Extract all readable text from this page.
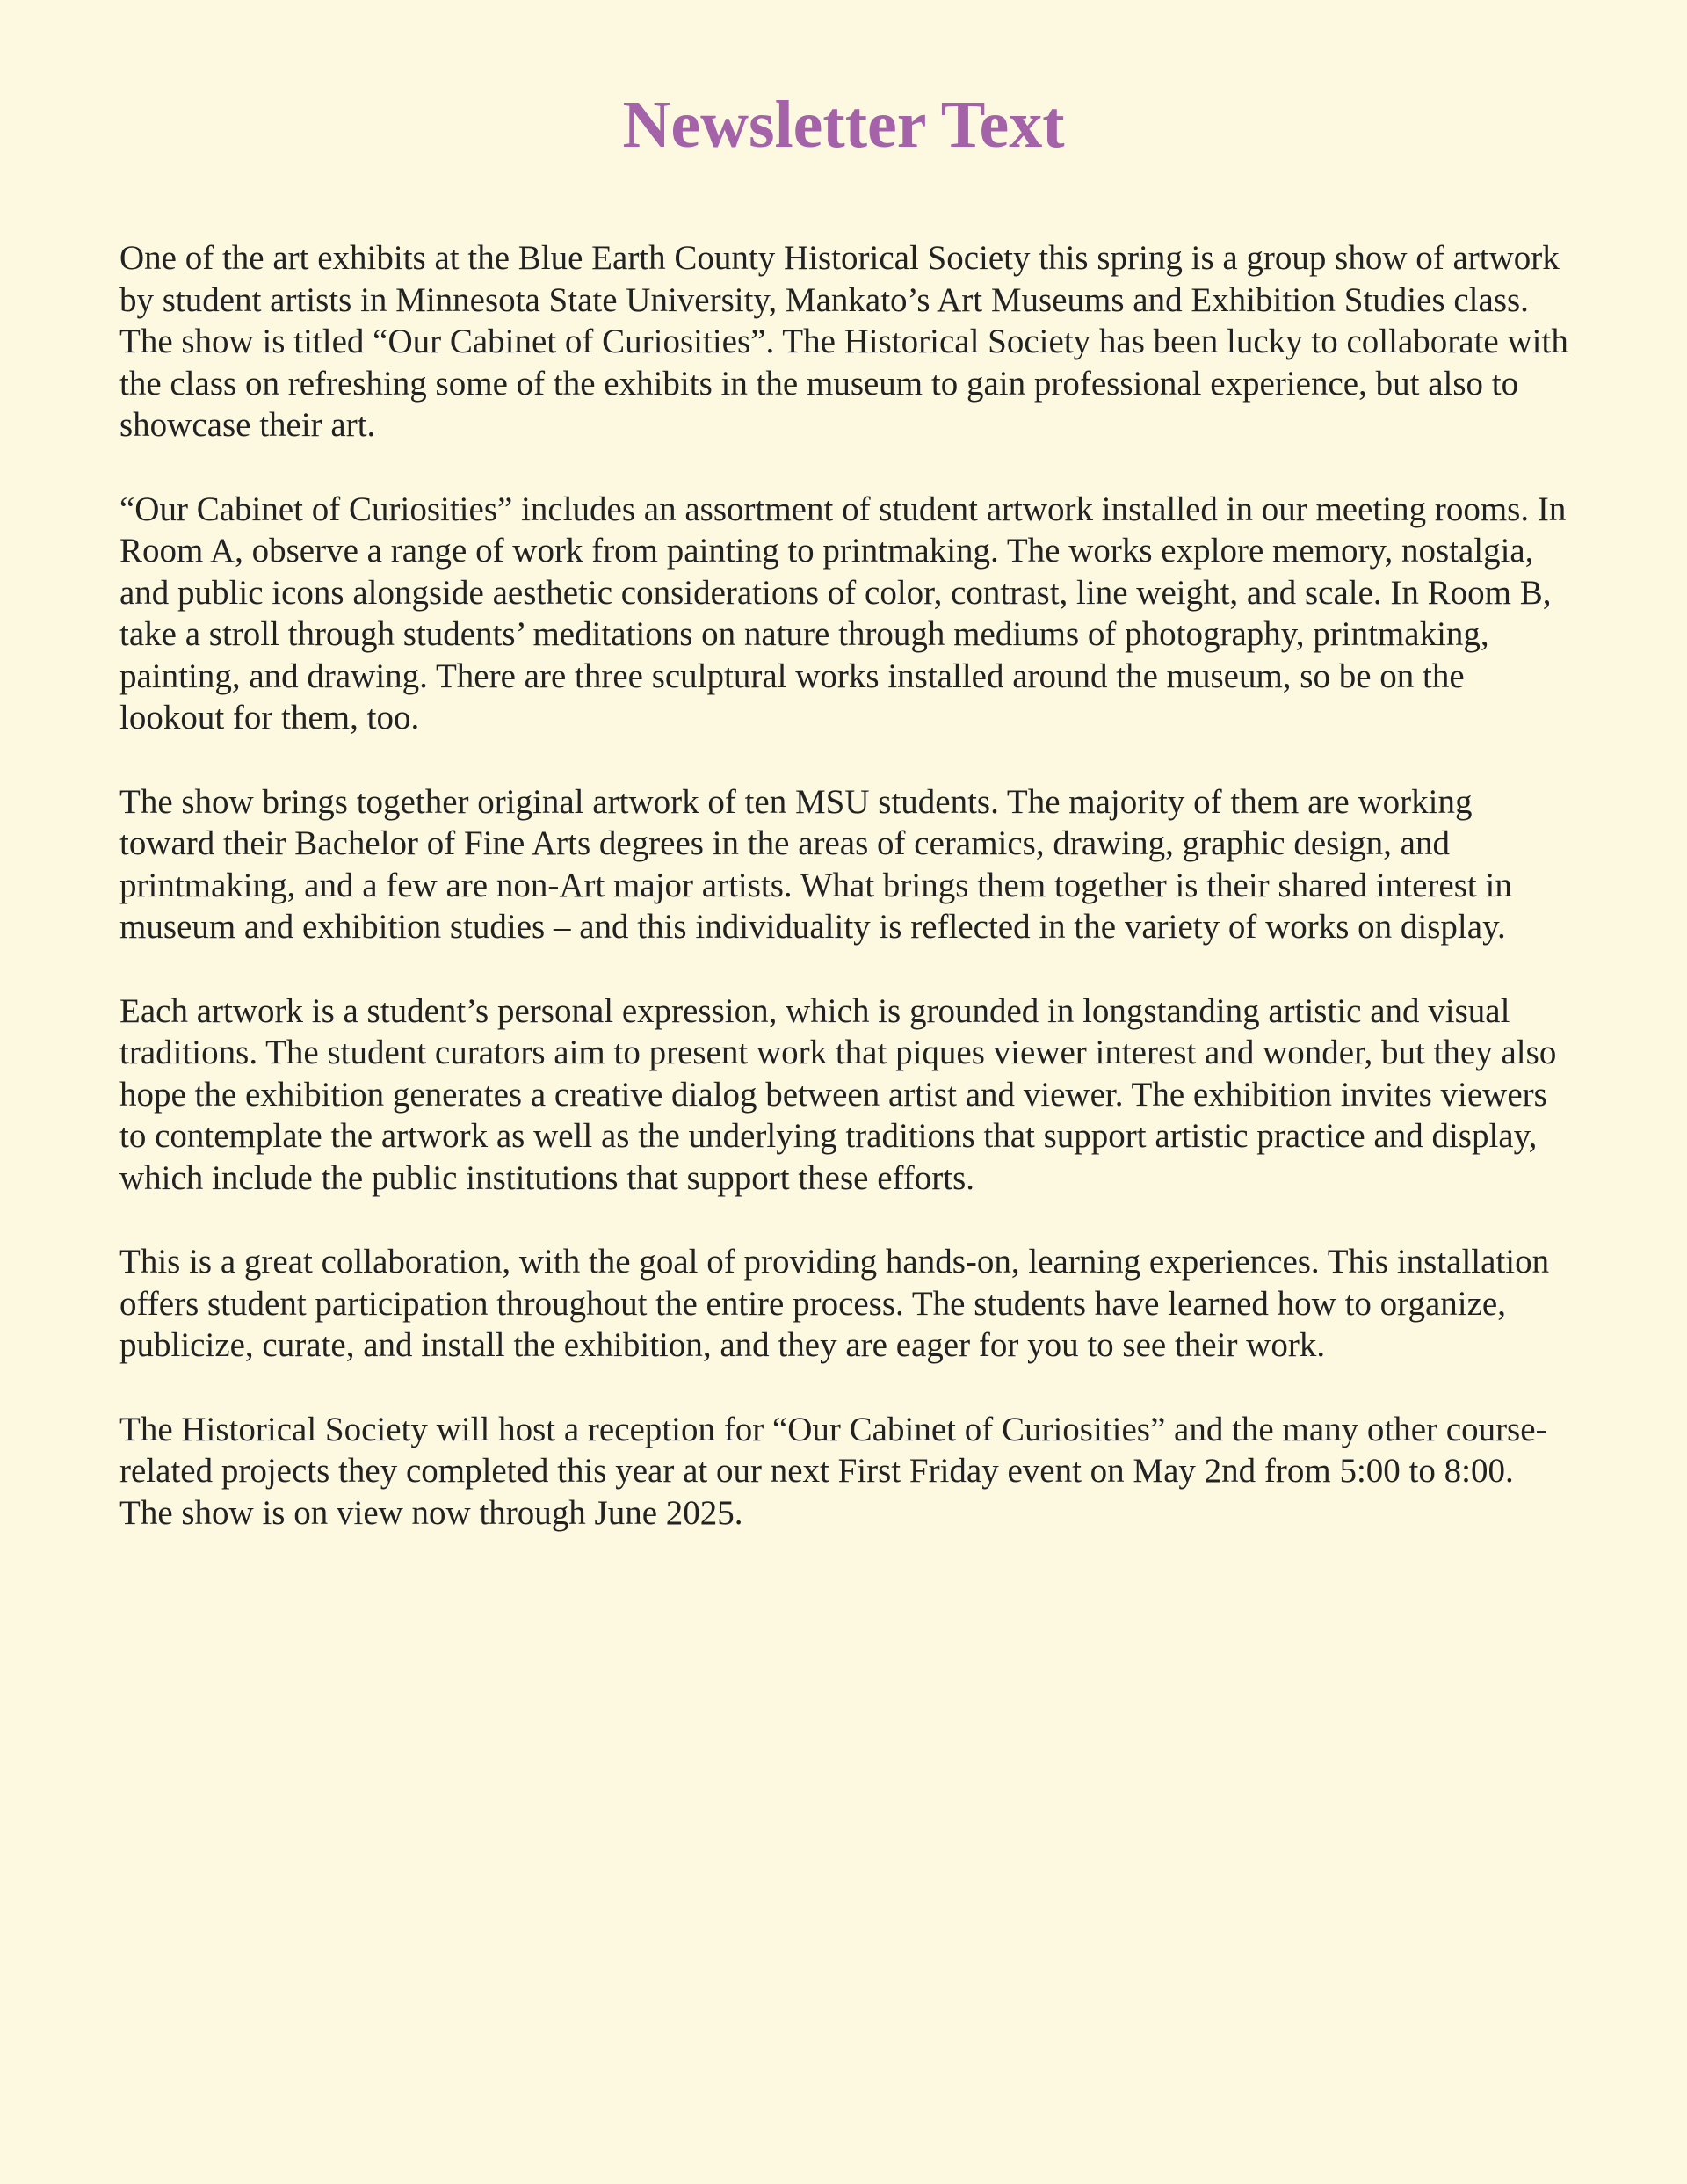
Newsletter Text

One of the art exhibits at the Blue Earth County Historical Society this spring is a group show of artwork by student artists in Minnesota State University, Mankato’s Art Museums and Exhibition Studies class. The show is titled “Our Cabinet of Curiosities”. The Historical Society has been lucky to collaborate with the class on refreshing some of the exhibits in the museum to gain professional experience, but also to showcase their art.

“Our Cabinet of Curiosities” includes an assortment of student artwork installed in our meeting rooms. In Room A, observe a range of work from painting to printmaking. The works explore memory, nostalgia, and public icons alongside aesthetic considerations of color, contrast, line weight, and scale. In Room B, take a stroll through students’ meditations on nature through mediums of photography, printmaking, painting, and drawing. There are three sculptural works installed around the museum, so be on the lookout for them, too.

The show brings together original artwork of ten MSU students. The majority of them are working toward their Bachelor of Fine Arts degrees in the areas of ceramics, drawing, graphic design, and printmaking, and a few are non-Art major artists. What brings them together is their shared interest in museum and exhibition studies – and this individuality is reflected in the variety of works on display.

Each artwork is a student’s personal expression, which is grounded in longstanding artistic and visual traditions. The student curators aim to present work that piques viewer interest and wonder, but they also hope the exhibition generates a creative dialog between artist and viewer. The exhibition invites viewers to contemplate the artwork as well as the underlying traditions that support artistic practice and display, which include the public institutions that support these efforts.

This is a great collaboration, with the goal of providing hands-on, learning experiences. This installation offers student participation throughout the entire process. The students have learned how to organize, publicize, curate, and install the exhibition, and they are eager for you to see their work.

The Historical Society will host a reception for “Our Cabinet of Curiosities” and the many other course-related projects they completed this year at our next First Friday event on May 2nd from 5:00 to 8:00. The show is on view now through June 2025.
